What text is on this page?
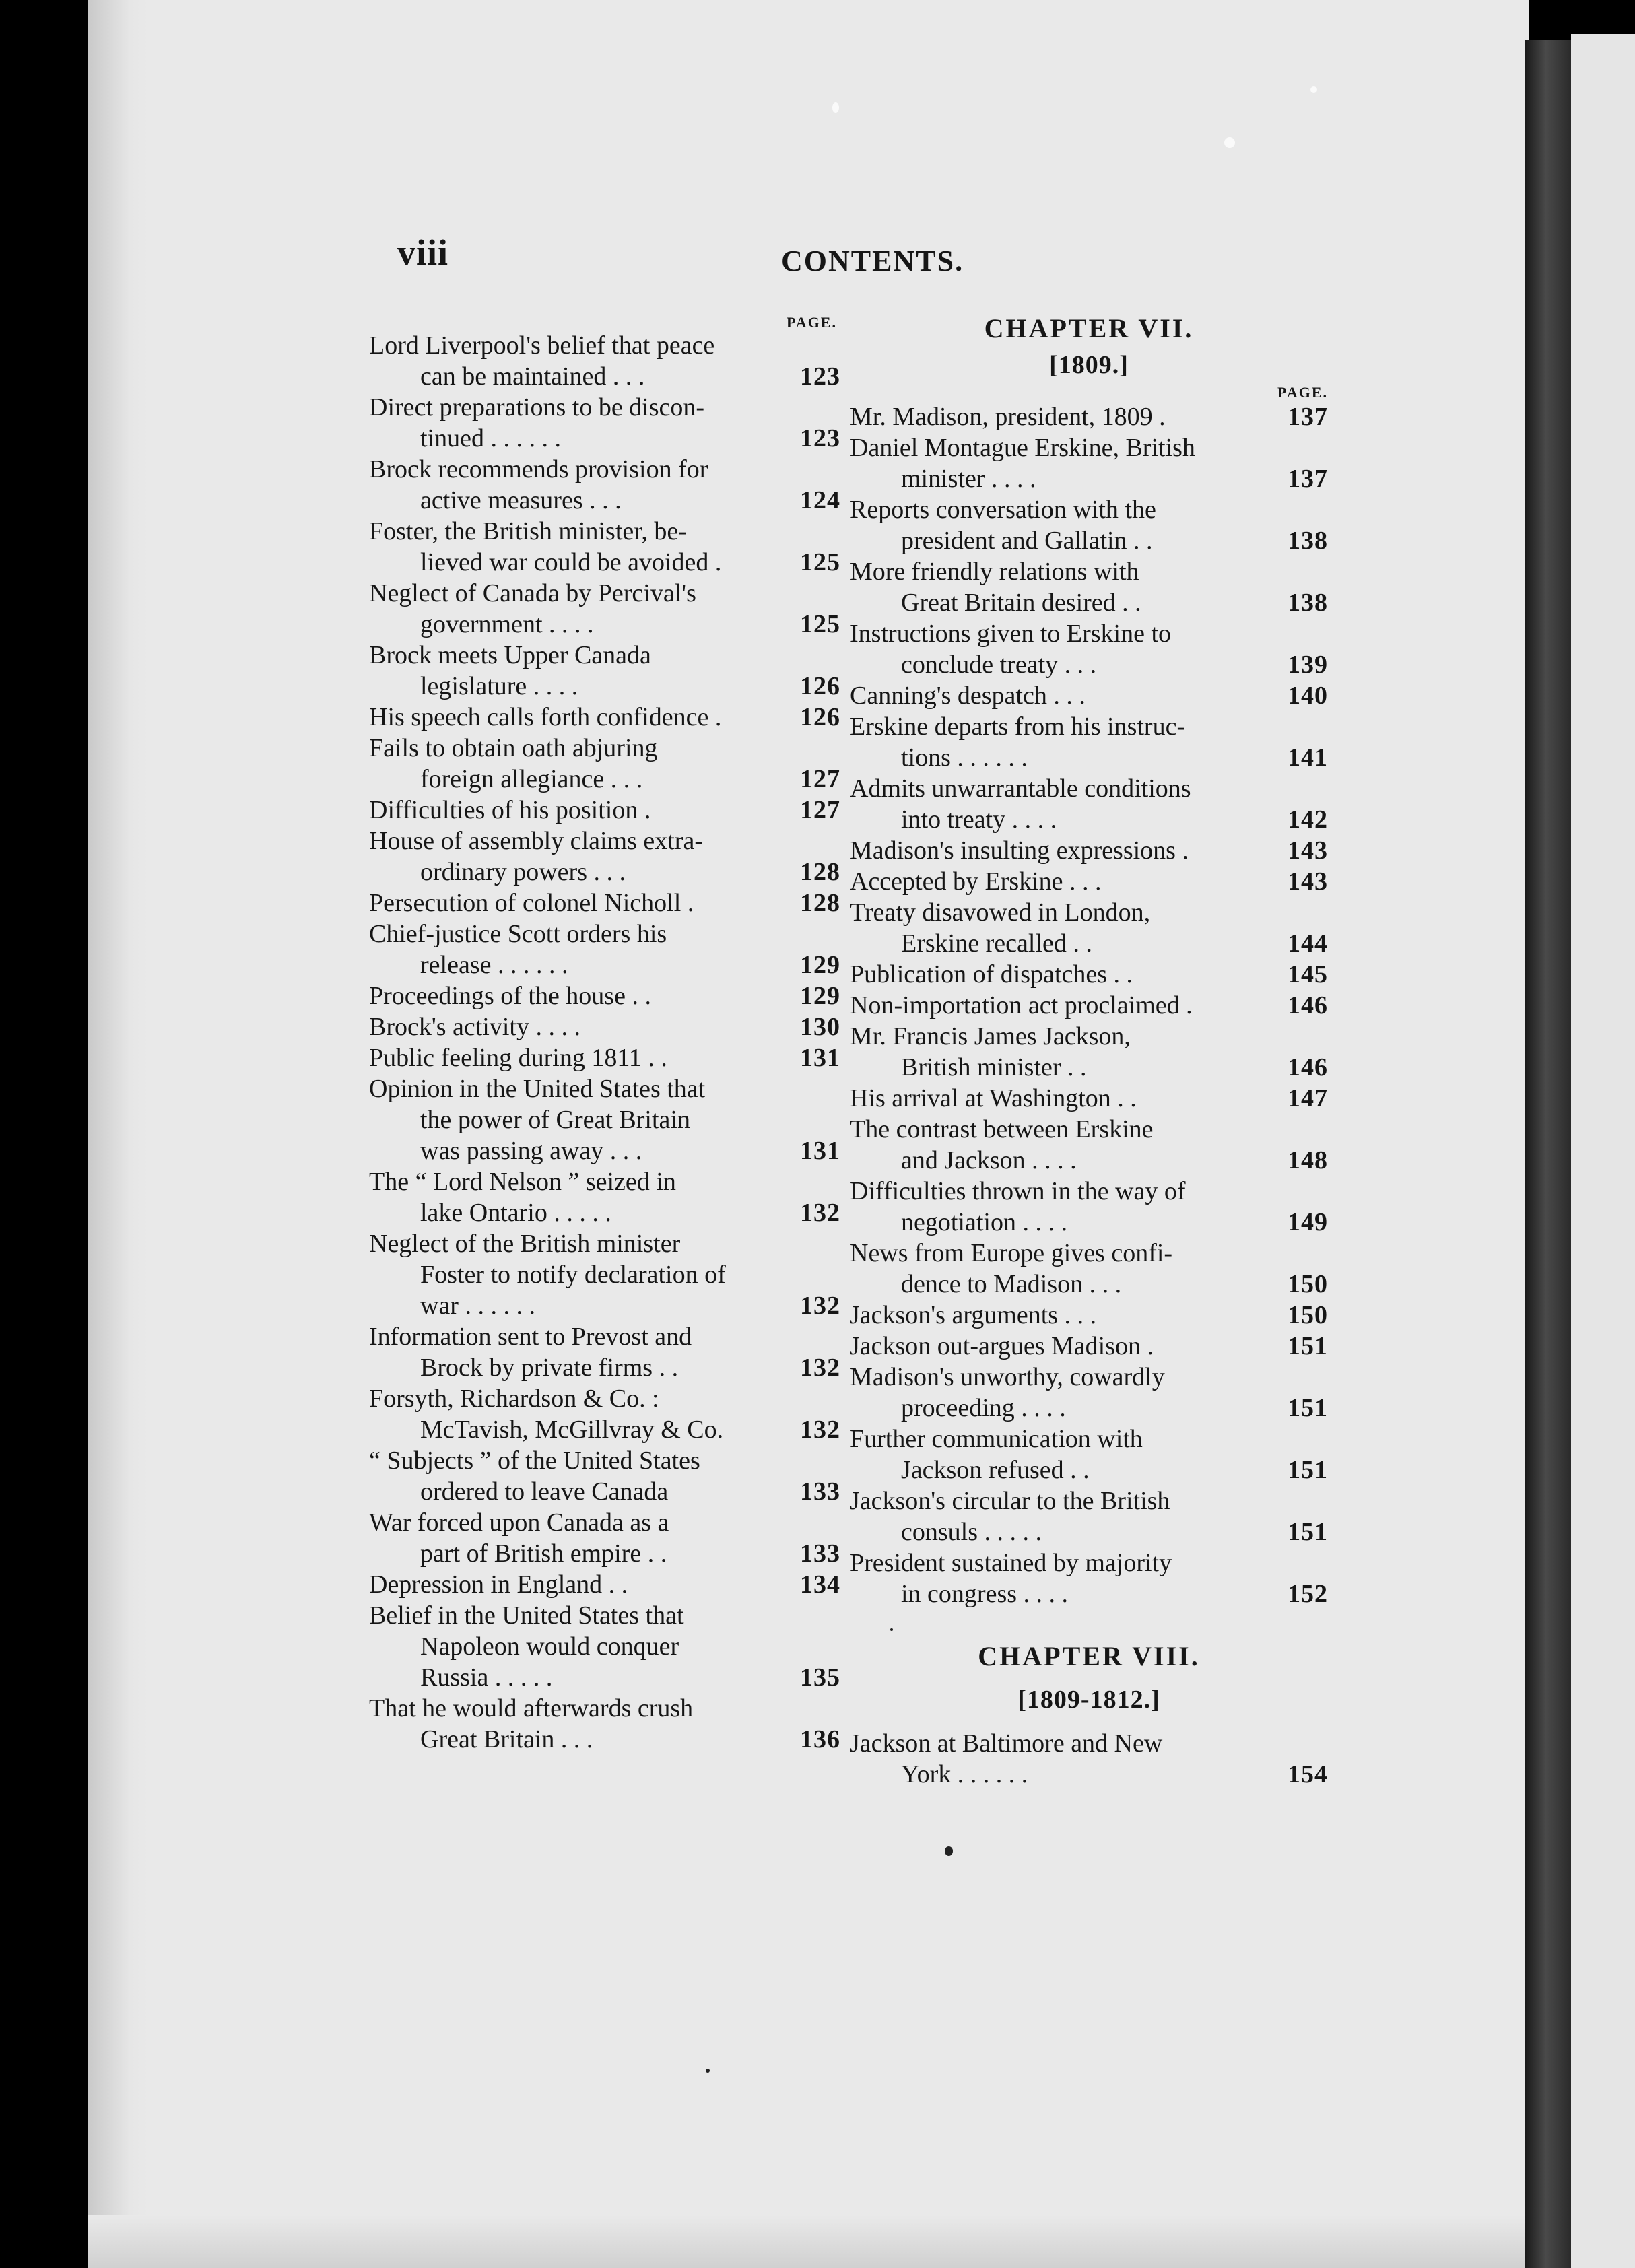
viii	CONTENTS.
PAGE.
Lord Liverpool's belief that peace
can be maintained . . .	123
Direct preparations to be discon-
tinued . . . . . .	123
Brock recommends provision for
active measures . . .	124
Foster, the British minister, be-
lieved war could be avoided .	125
Neglect of Canada by Percival's
government . . . .	125
Brock meets Upper Canada
legislature . . . .	126
His speech calls forth confidence .	126
Fails to obtain oath abjuring
foreign allegiance . . .	127
Difficulties of his position .	127
House of assembly claims extra-
ordinary powers . . .	128
Persecution of colonel Nicholl .	128
Chief-justice Scott orders his
release . . . . . .	129
Proceedings of the house . .	129
Brock's activity . . . .	130
Public feeling during 1811 . .	131
Opinion in the United States that
the power of Great Britain
was passing away . . .	131
The “ Lord Nelson ” seized in
lake Ontario . . . . .	132
Neglect of the British minister
Foster to notify declaration of
war . . . . . .	132
Information sent to Prevost and
Brock by private firms . .	132
Forsyth, Richardson & Co. :
McTavish, McGillvray & Co.	132
“ Subjects ” of the United States
ordered to leave Canada	133
War forced upon Canada as a
part of British empire . .	133
Depression in England . .	134
Belief in the United States that
Napoleon would conquer
Russia . . . . .	135
That he would afterwards crush
Great Britain . . .	136
CHAPTER VII.
[1809.]
PAGE.
Mr. Madison, president, 1809 .	137
Daniel Montague Erskine, British
minister . . . .	137
Reports conversation with the
president and Gallatin . .	138
More friendly relations with
Great Britain desired . .	138
Instructions given to Erskine to
conclude treaty . . .	139
Canning's despatch . . .	140
Erskine departs from his instruc-
tions . . . . . .	141
Admits unwarrantable conditions
into treaty . . . .	142
Madison's insulting expressions .	143
Accepted by Erskine . . .	143
Treaty disavowed in London,
Erskine recalled . .	144
Publication of dispatches . .	145
Non-importation act proclaimed .	146
Mr. Francis James Jackson,
British minister . .	146
His arrival at Washington . .	147
The contrast between Erskine
and Jackson . . . .	148
Difficulties thrown in the way of
negotiation . . . .	149
News from Europe gives confi-
dence to Madison . . .	150
Jackson's arguments . . .	150
Jackson out-argues Madison .	151
Madison's unworthy, cowardly
proceeding . . . .	151
Further communication with
Jackson refused . .	151
Jackson's circular to the British
consuls . . . . .	151
President sustained by majority
in congress . . . .	152
CHAPTER VIII.
[1809-1812.]
Jackson at Baltimore and New
York . . . . . .	154
